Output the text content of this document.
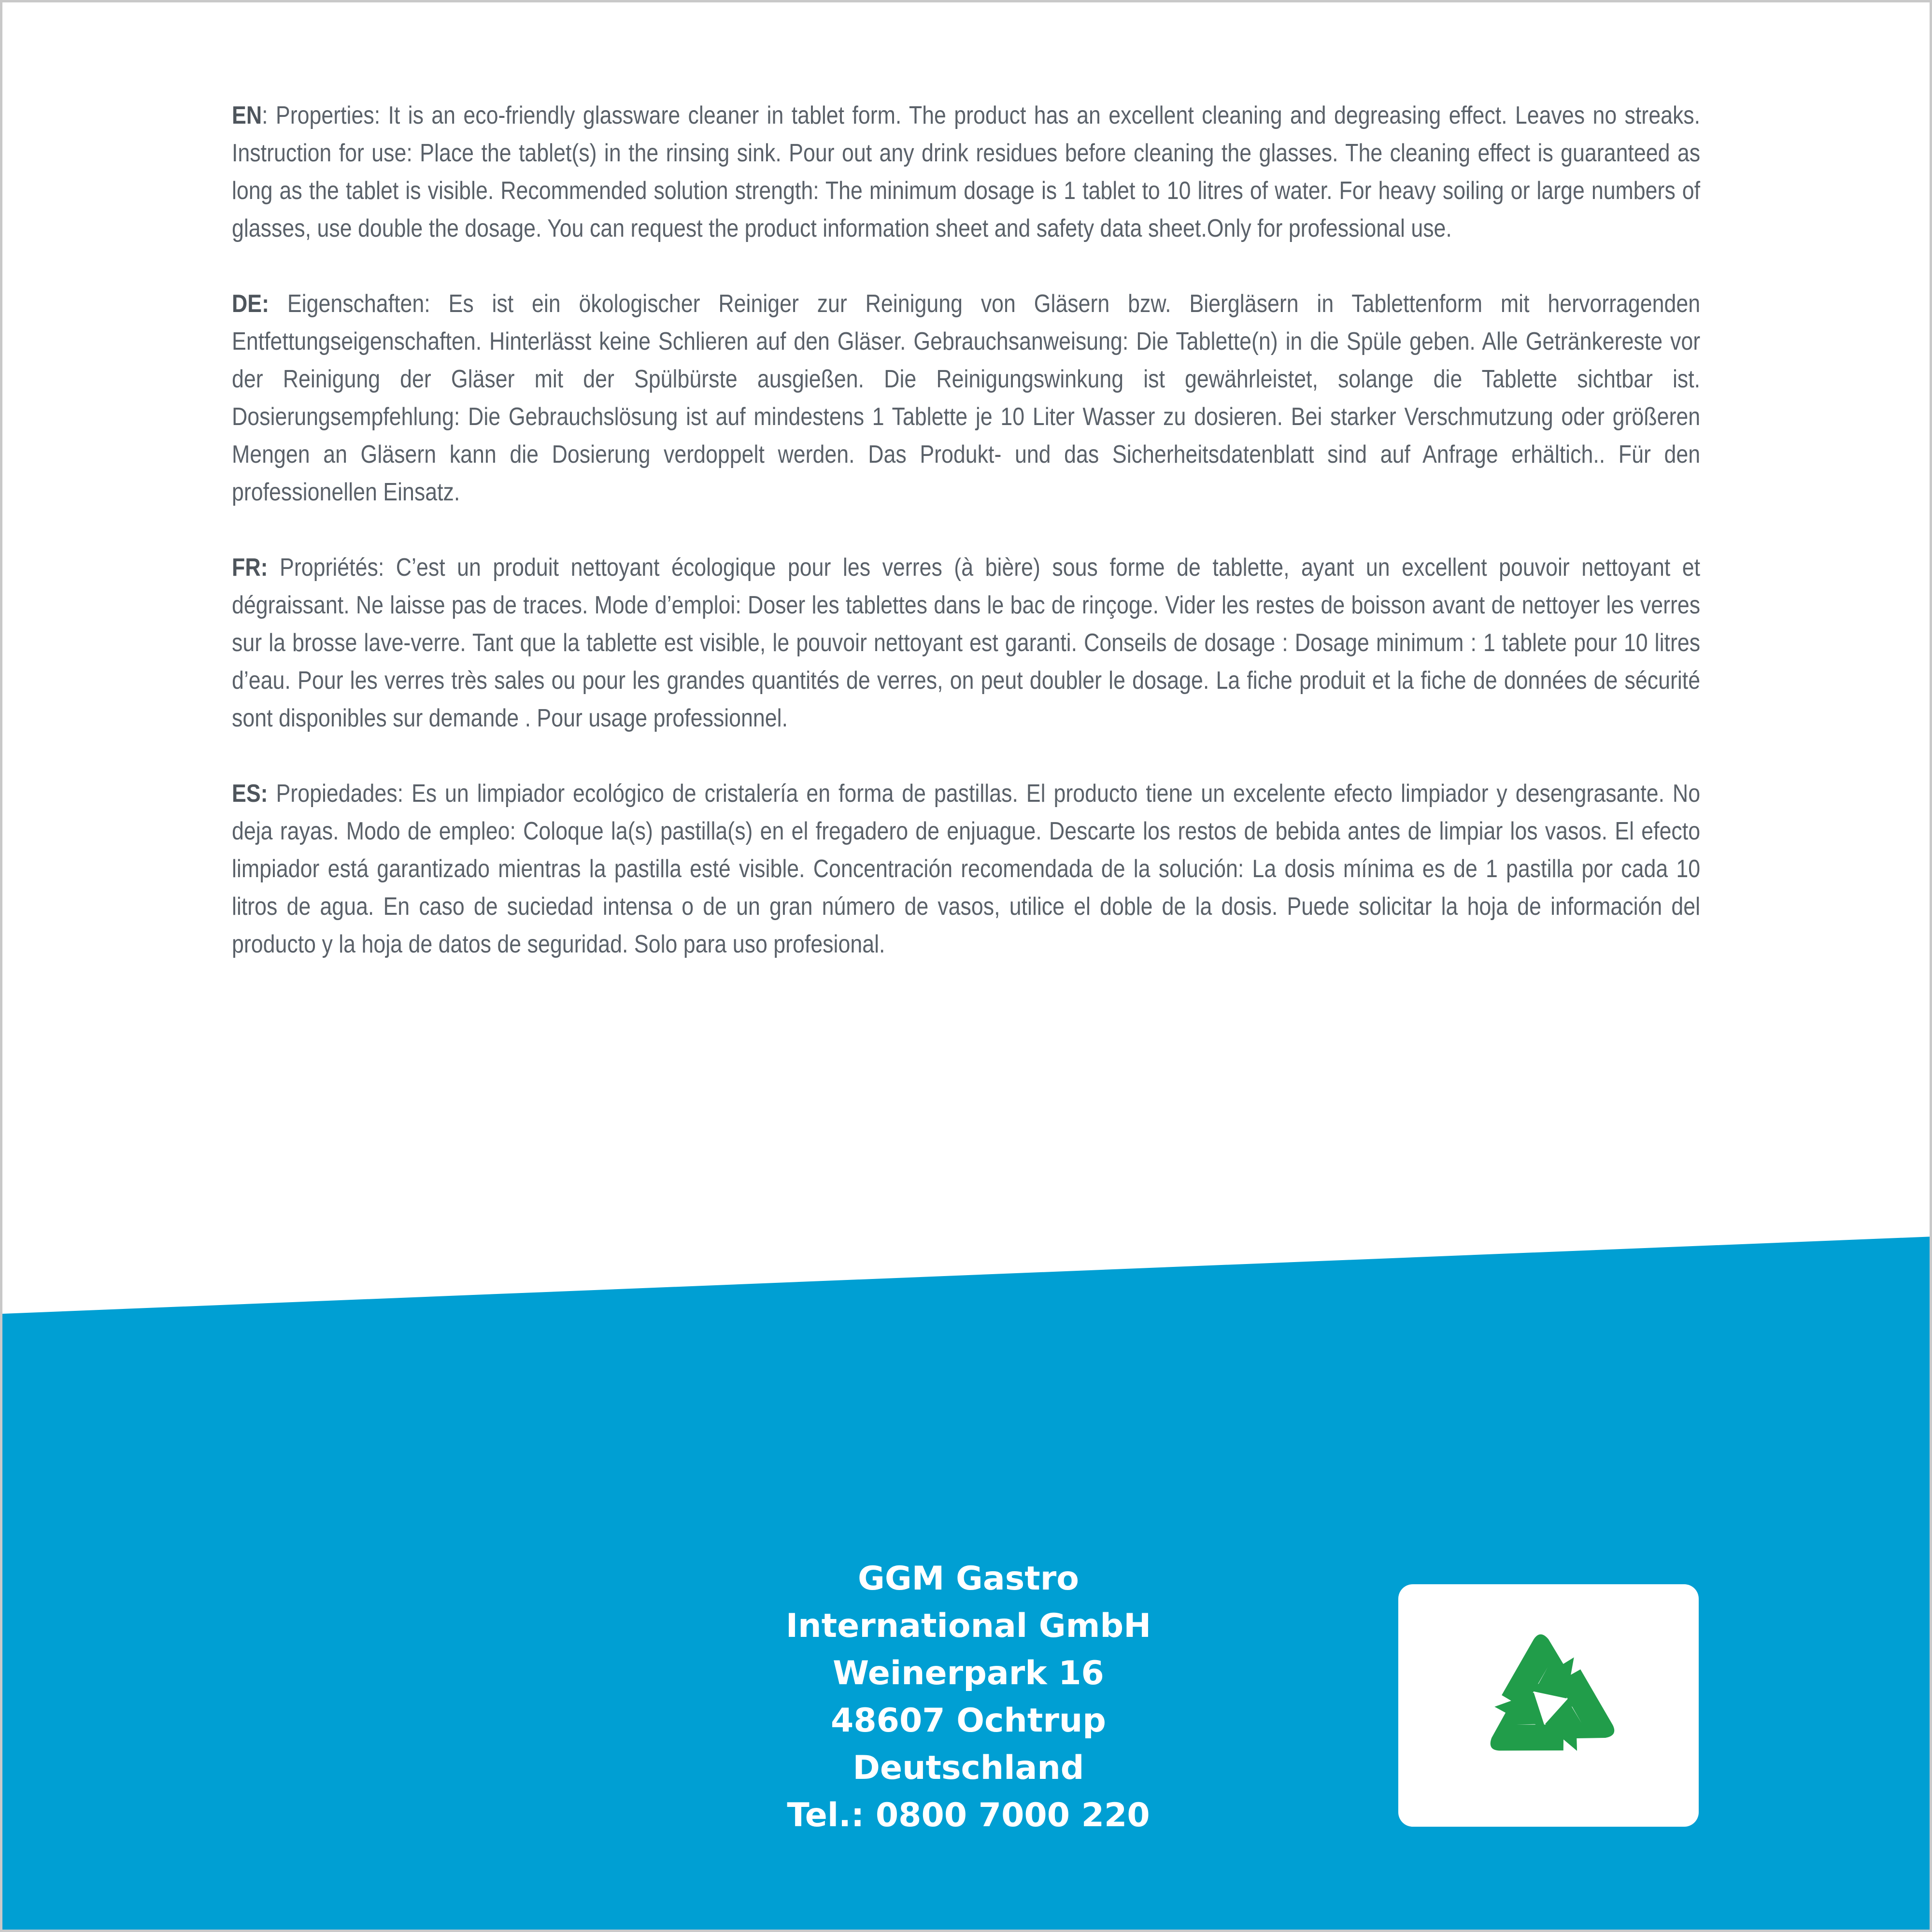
EN: Properties: It is an eco-friendly glassware cleaner in tablet form. The product has an excellent cleaning and degreasing effect. Leaves no streaks. Instruction for use: Place the tablet(s) in the rinsing sink. Pour out any drink residues before cleaning the glasses. The cleaning effect is guaranteed as long as the tablet is visible. Recommended solution strength: The minimum dosage is 1 tablet to 10 litres of water. For heavy soiling or large numbers of glasses, use double the dosage. You can request the product information sheet and safety data sheet.Only for professional use.

DE: Eigenschaften: Es ist ein ökologischer Reiniger zur Reinigung von Gläsern bzw. Biergläsern in Tablettenform mit hervorragenden Entfettungseigenschaften. Hinterlässt keine Schlieren auf den Gläser. Gebrauchsanweisung: Die Tablette(n) in die Spüle geben. Alle Getränkereste vor der Reinigung der Gläser mit der Spülbürste ausgießen. Die Reinigungswinkung ist gewährleistet, solange die Tablette sichtbar ist. Dosierungsempfehlung: Die Gebrauchslösung ist auf mindestens 1 Tablette je 10 Liter Wasser zu dosieren. Bei starker Verschmutzung oder größeren Mengen an Gläsern kann die Dosierung verdoppelt werden. Das Produkt- und das Sicherheitsdatenblatt sind auf Anfrage erhältich.. Für den professionellen Einsatz.

FR: Propriétés: C’est un produit nettoyant écologique pour les verres (à bière) sous forme de tablette, ayant un excellent pouvoir nettoyant et dégraissant. Ne laisse pas de traces. Mode d’emploi: Doser les tablettes dans le bac de rinçoge. Vider les restes de boisson avant de nettoyer les verres sur la brosse lave-verre. Tant que la tablette est visible, le pouvoir nettoyant est garanti. Conseils de dosage : Dosage minimum : 1 tablete pour 10 litres d’eau. Pour les verres très sales ou pour les grandes quantités de verres, on peut doubler le dosage. La fiche produit et la fiche de données de sécurité sont disponibles sur demande . Pour usage professionnel.

ES: Propiedades: Es un limpiador ecológico de cristalería en forma de pastillas. El producto tiene un excelente efecto limpiador y desengrasante. No deja rayas. Modo de empleo: Coloque la(s) pastilla(s) en el fregadero de enjuague. Descarte los restos de bebida antes de limpiar los vasos. El efecto limpiador está garantizado mientras la pastilla esté visible. Concentración recomendada de la solución: La dosis mínima es de 1 pastilla por cada 10 litros de agua. En caso de suciedad intensa o de un gran número de vasos, utilice el doble de la dosis. Puede solicitar la hoja de información del producto y la hoja de datos de seguridad. Solo para uso profesional.

GGM Gastro
International GmbH
Weinerpark 16
48607 Ochtrup
Deutschland
Tel.: 0800 7000 220
